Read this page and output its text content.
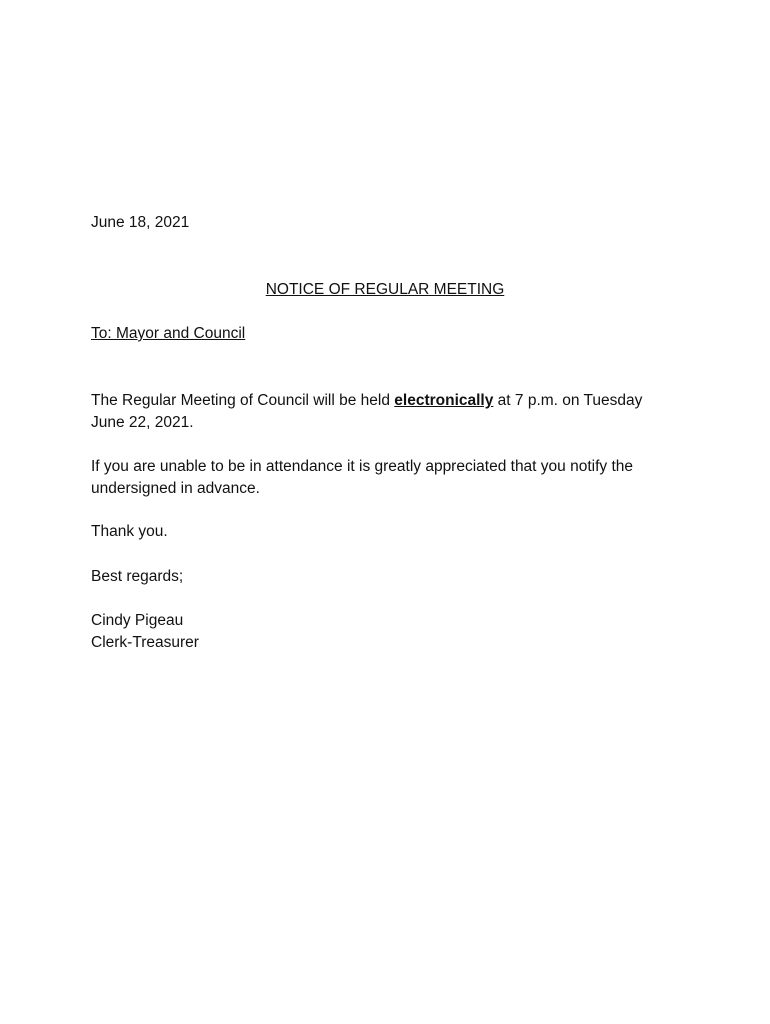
June 18, 2021
NOTICE OF REGULAR MEETING
To: Mayor and Council
The Regular Meeting of Council will be held electronically at 7 p.m. on Tuesday
June 22, 2021.
If you are unable to be in attendance it is greatly appreciated that you notify the
undersigned in advance.
Thank you.
Best regards;
Cindy Pigeau
Clerk-Treasurer
